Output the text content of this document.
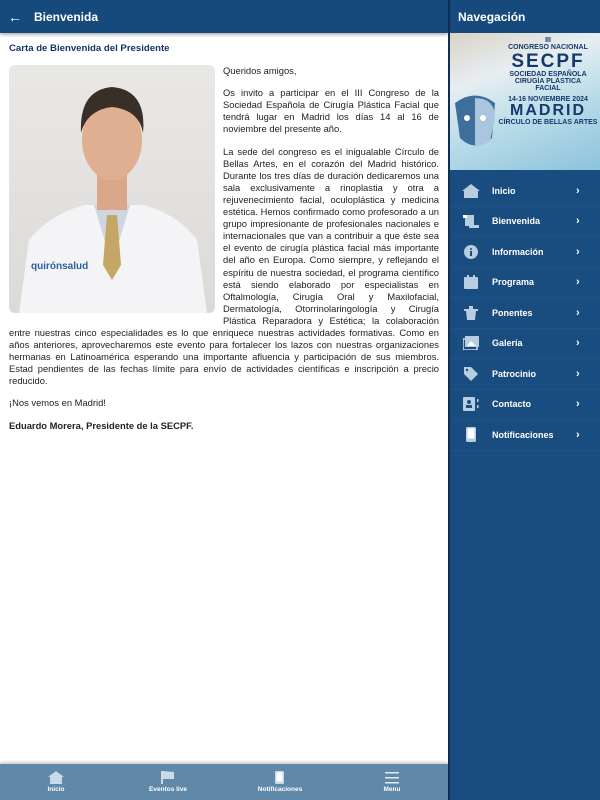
←	Bienvenida
Carta de Bienvenida del Presidente
quirónsalud

Queridos amigos,

Os invito a participar en el III Congreso de la Sociedad Española de Cirugía Plástica Facial que tendrá lugar en Madrid los días 14 al 16 de noviembre del presente año.

La sede del congreso es el inigualable Círculo de Bellas Artes, en el corazón del Madrid histórico. Durante los tres días de duración dedicaremos una sala exclusivamente a rinoplastia y otra a rejuvenecimiento facial, oculoplástica y medicina estética. Hemos confirmado como profesorado a un grupo impresionante de profesionales nacionales e internacionales que van a contribuir a que éste sea el evento de cirugía plástica facial más importante del año en Europa. Como siempre, y reflejando el espíritu de nuestra sociedad, el programa científico está siendo elaborado por especialistas en Oftalmología, Cirugía Oral y Maxilofacial, Dermatología, Otorrinolaringología y Cirugía Plástica Reparadora y Estética; la colaboración entre nuestras cinco especialidades es lo que enriquece nuestras actividades formativas. Como en años anteriores, aprovecharemos este evento para fortalecer los lazos con nuestras organizaciones hermanas en Latinoamérica esperando una importante afluencia y participación de sus miembros. Estad pendientes de las fechas límite para envío de actividades científicas e inscripción a precio reducido.

¡Nos vemos en Madrid!

Eduardo Morera, Presidente de la SECPF.

Inicio	Eventos live	Notificaciones	Menu
Navegación
III
CONGRESO NACIONAL
SECPF
SOCIEDAD ESPAÑOLA
CIRUGÍA PLÁSTICA
FACIAL
14-16 NOVIEMBRE 2024
MADRID
CÍRCULO DE BELLAS ARTES
Inicio	›
Bienvenida	›
Información	›
Programa	›
Ponentes	›
Galería	›
Patrocinio	›
Contacto	›
Notificaciones	›
